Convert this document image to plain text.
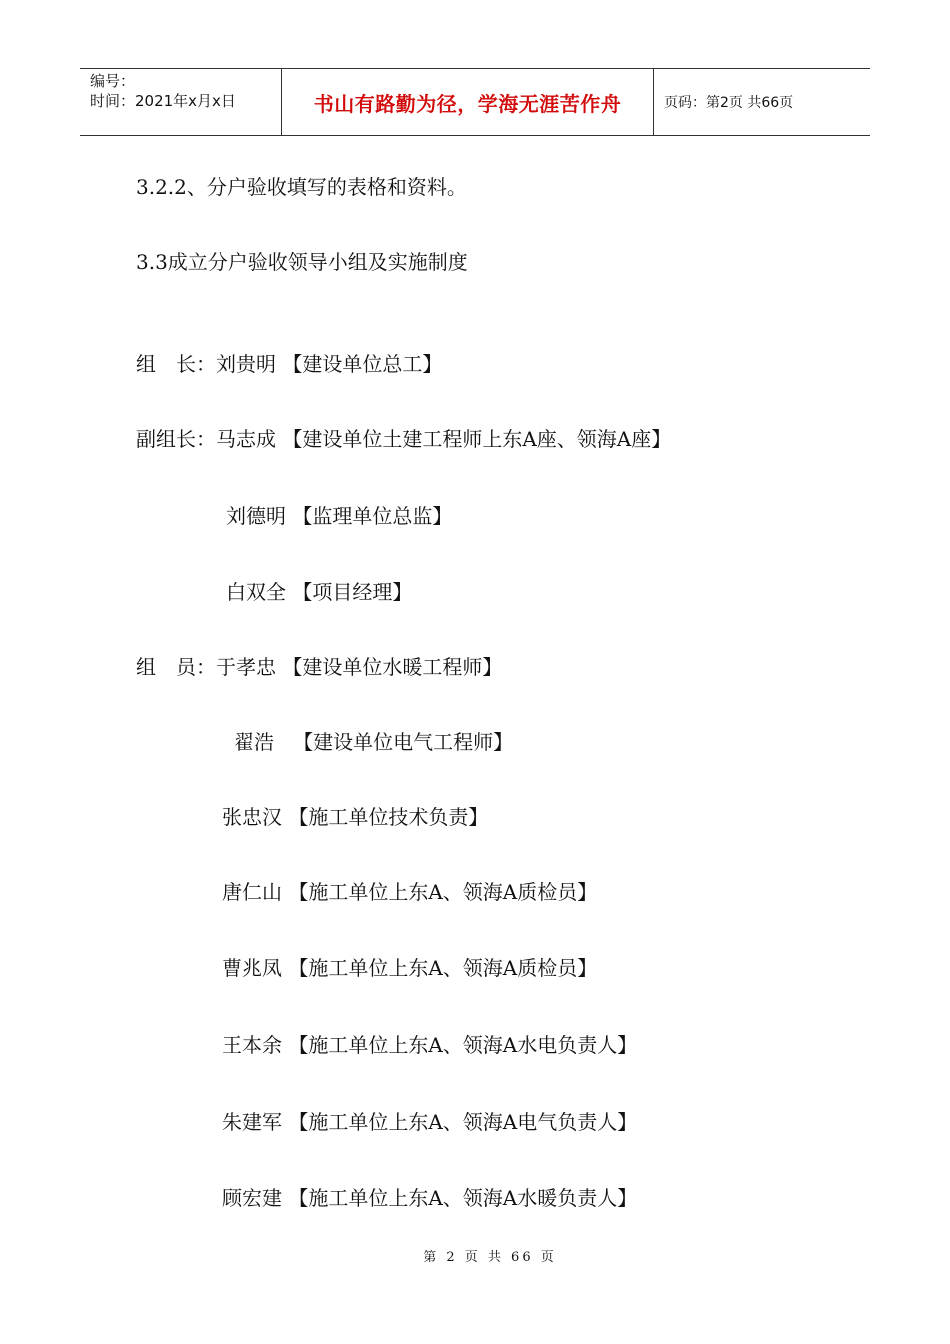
编号：
时间：2021年x月x日	书山有路勤为径，学海无涯苦作舟	页码：第2页 共66页
3.2.2、分户验收填写的表格和资料。
3.3成立分户验收领导小组及实施制度
组　长：刘贵明 【建设单位总工】
副组长：马志成 【建设单位土建工程师上东A座、领海A座】
刘德明 【监理单位总监】
白双全 【项目经理】
组　员：于孝忠 【建设单位水暖工程师】
翟浩 【建设单位电气工程师】
张忠汉 【施工单位技术负责】
唐仁山 【施工单位上东A、领海A质检员】
曹兆凤 【施工单位上东A、领海A质检员】
王本余 【施工单位上东A、领海A水电负责人】
朱建军 【施工单位上东A、领海A电气负责人】
顾宏建 【施工单位上东A、领海A水暖负责人】
第 2 页 共 66 页
